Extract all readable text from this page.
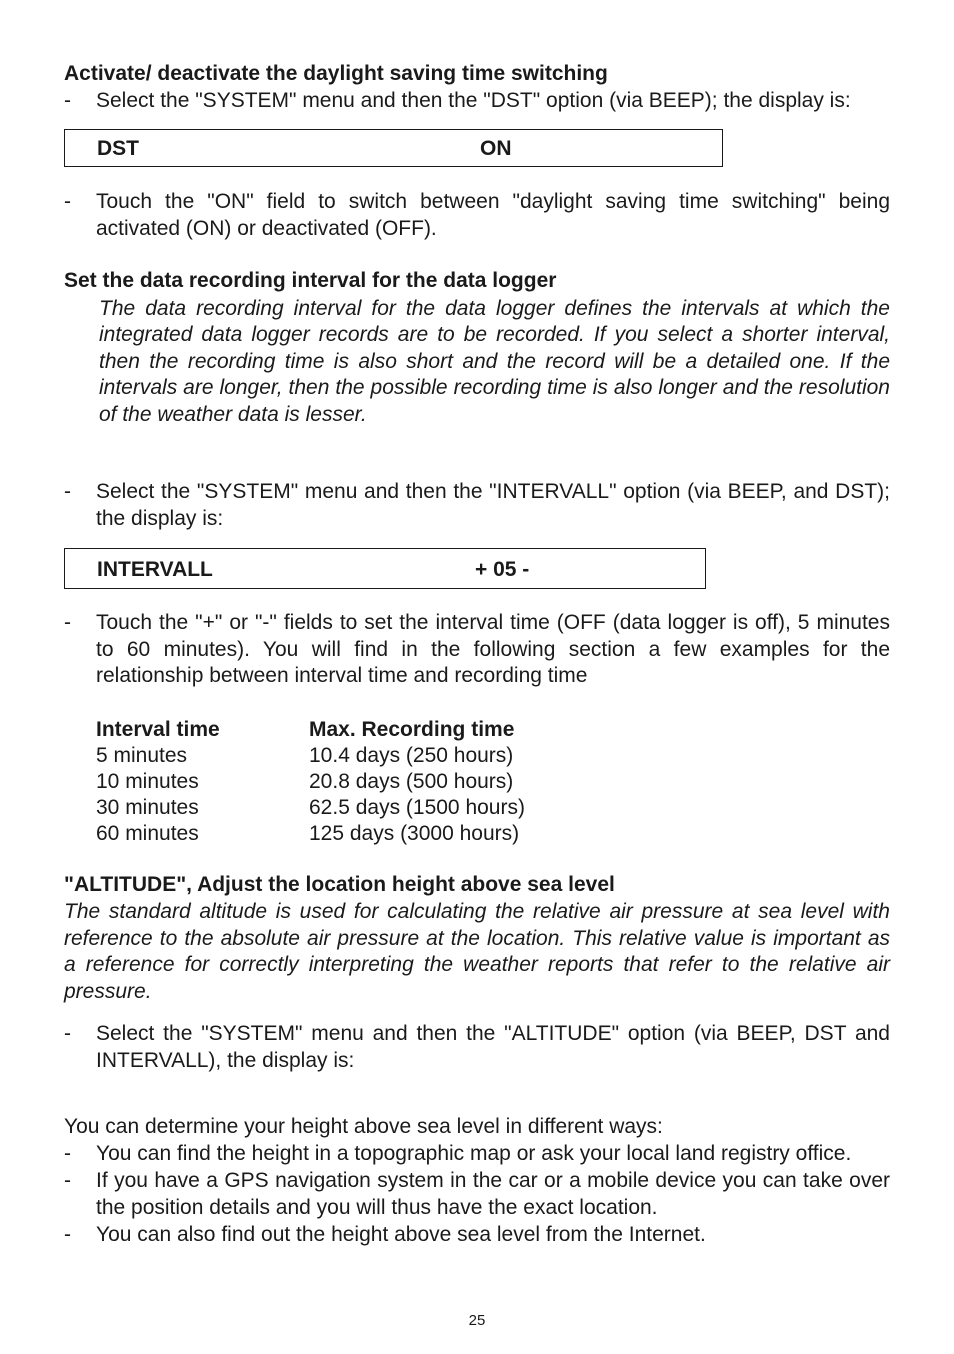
Activate/ deactivate the daylight saving time switching
- Select the "SYSTEM" menu and then the "DST" option (via BEEP); the display is:
DST	ON
- Touch the "ON" field to switch between "daylight saving time switching" being activated (ON) or deactivated (OFF).
Set the data recording interval for the data logger

The data recording interval for the data logger defines the intervals at which the integrated data logger records are to be recorded. If you select a shorter interval, then the recording time is also short and the record will be a detailed one. If the intervals are longer, then the possible recording time is also longer and the resolution of the weather data is lesser.

- Select the "SYSTEM" menu and then the "INTERVALL" option (via BEEP, and DST); the display is:
INTERVALL	+ 05 -
- Touch the "+" or "-" fields to set the interval time (OFF (data logger is off), 5 minutes to 60 minutes). You will find in the following section a few examples for the relationship between interval time and recording time
Interval time	Max. Recording time
5 minutes	10.4 days (250 hours)
10 minutes	20.8 days (500 hours)
30 minutes	62.5 days (1500 hours)
60 minutes	125 days (3000 hours)
"ALTITUDE", Adjust the location height above sea level

The standard altitude is used for calculating the relative air pressure at sea level with reference to the absolute air pressure at the location. This relative value is important as a reference for correctly interpreting the weather reports that refer to the relative air pressure.

- Select the "SYSTEM" menu and then the "ALTITUDE" option (via BEEP, DST and INTERVALL), the display is:
You can determine your height above sea level in different ways:
- You can find the height in a topographic map or ask your local land registry office.
- If you have a GPS navigation system in the car or a mobile device you can take over the position details and you will thus have the exact location.
- You can also find out the height above sea level from the Internet.
25
